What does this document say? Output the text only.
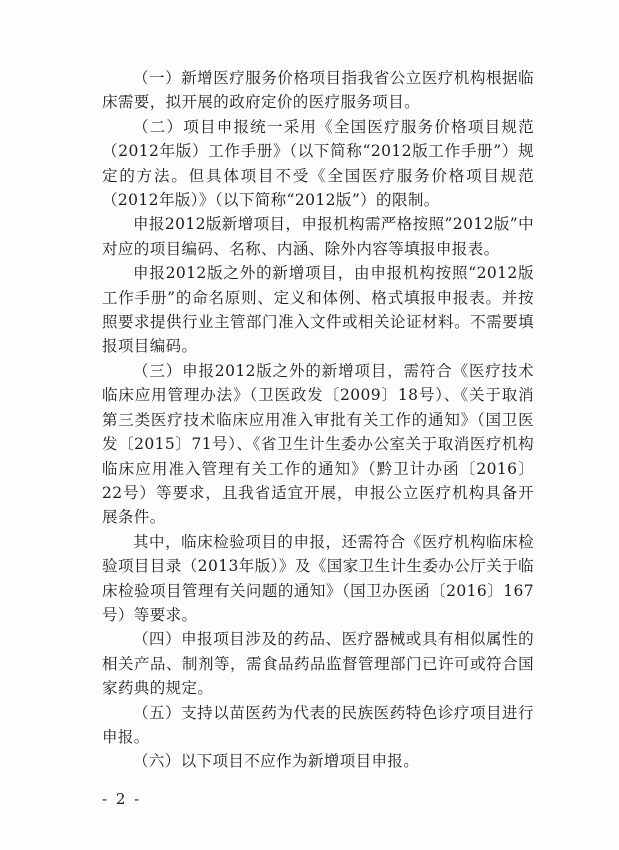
（一）新增医疗服务价格项目指我省公立医疗机构根据临床需要，拟开展的政府定价的医疗服务项目。

（二）项目申报统一采用《全国医疗服务价格项目规范（2012年版）工作手册》（以下简称“2012版工作手册”）规定的方法。但具体项目不受《全国医疗服务价格项目规范（2012年版）》（以下简称“2012版”）的限制。

申报2012版新增项目，申报机构需严格按照”2012版”中对应的项目编码、名称、内涵、除外内容等填报申报表。

申报2012版之外的新增项目，由申报机构按照“2012版工作手册”的命名原则、定义和体例、格式填报申报表。并按照要求提供行业主管部门准入文件或相关论证材料。不需要填报项目编码。

（三）申报2012版之外的新增项目，需符合《医疗技术临床应用管理办法》（卫医政发〔2009〕18号）、《关于取消第三类医疗技术临床应用准入审批有关工作的通知》（国卫医发〔2015〕71号）、《省卫生计生委办公室关于取消医疗机构临床应用准入管理有关工作的通知》（黔卫计办函〔2016〕22号）等要求，且我省适宜开展，申报公立医疗机构具备开展条件。

其中，临床检验项目的申报，还需符合《医疗机构临床检验项目目录（2013年版）》及《国家卫生计生委办公厅关于临床检验项目管理有关问题的通知》（国卫办医函〔2016〕167号）等要求。

（四）申报项目涉及的药品、医疗器械或具有相似属性的相关产品、制剂等，需食品药品监督管理部门已许可或符合国家药典的规定。

（五）支持以苗医药为代表的民族医药特色诊疗项目进行申报。

（六）以下项目不应作为新增项目申报。

- 2 -
